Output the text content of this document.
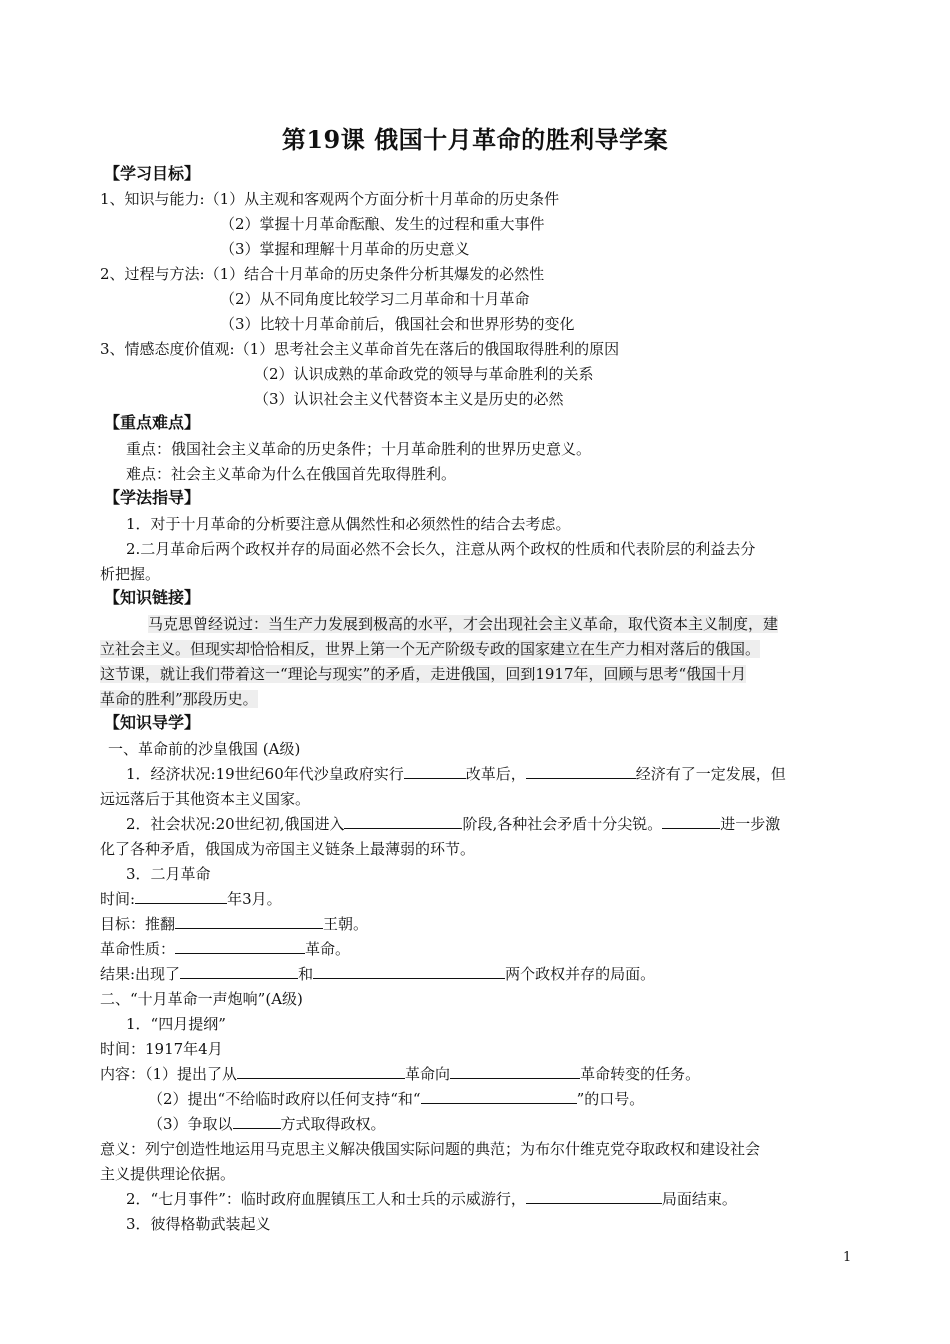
第19课 俄国十月革命的胜利导学案
【学习目标】
1、知识与能力:（1）从主观和客观两个方面分析十月革命的历史条件
（2）掌握十月革命酝酿、发生的过程和重大事件
（3）掌握和理解十月革命的历史意义
2、过程与方法:（1）结合十月革命的历史条件分析其爆发的必然性
（2）从不同角度比较学习二月革命和十月革命
（3）比较十月革命前后，俄国社会和世界形势的变化
3、情感态度价值观:（1）思考社会主义革命首先在落后的俄国取得胜利的原因
（2）认识成熟的革命政党的领导与革命胜利的关系
（3）认识社会主义代替资本主义是历史的必然
【重点难点】
重点：俄国社会主义革命的历史条件；十月革命胜利的世界历史意义。
难点：社会主义革命为什么在俄国首先取得胜利。
【学法指导】
1．对于十月革命的分析要注意从偶然性和必须然性的结合去考虑。
2.二月革命后两个政权并存的局面必然不会长久，注意从两个政权的性质和代表阶层的利益去分
析把握。
【知识链接】
马克思曾经说过：当生产力发展到极高的水平，才会出现社会主义革命，取代资本主义制度，建
立社会主义。但现实却恰恰相反，世界上第一个无产阶级专政的国家建立在生产力相对落后的俄国。
这节课，就让我们带着这一“理论与现实”的矛盾，走进俄国，回到1917年，回顾与思考“俄国十月
革命的胜利”那段历史。
【知识导学】
一、革命前的沙皇俄国 (A级)
1．经济状况:19世纪60年代沙皇政府实行	改革后，	经济有了一定发展，但
远远落后于其他资本主义国家。
2．社会状况:20世纪初,俄国进入	阶段,各种社会矛盾十分尖锐。	进一步激
化了各种矛盾，俄国成为帝国主义链条上最薄弱的环节。
3．二月革命
时间:	年3月。
目标：推翻	王朝。
革命性质：	革命。
结果:出现了	和	两个政权并存的局面。
二、“十月革命一声炮响”(A级)
1．“四月提纲”
时间：1917年4月
内容：（1）提出了从	革命向	革命转变的任务。
（2）提出“不给临时政府以任何支持“和“	”的口号。
（3）争取以	方式取得政权。
意义：列宁创造性地运用马克思主义解决俄国实际问题的典范；为布尔什维克党夺取政权和建设社会
主义提供理论依据。
2．“七月事件”：临时政府血腥镇压工人和士兵的示威游行，	局面结束。
3．彼得格勒武装起义
1
